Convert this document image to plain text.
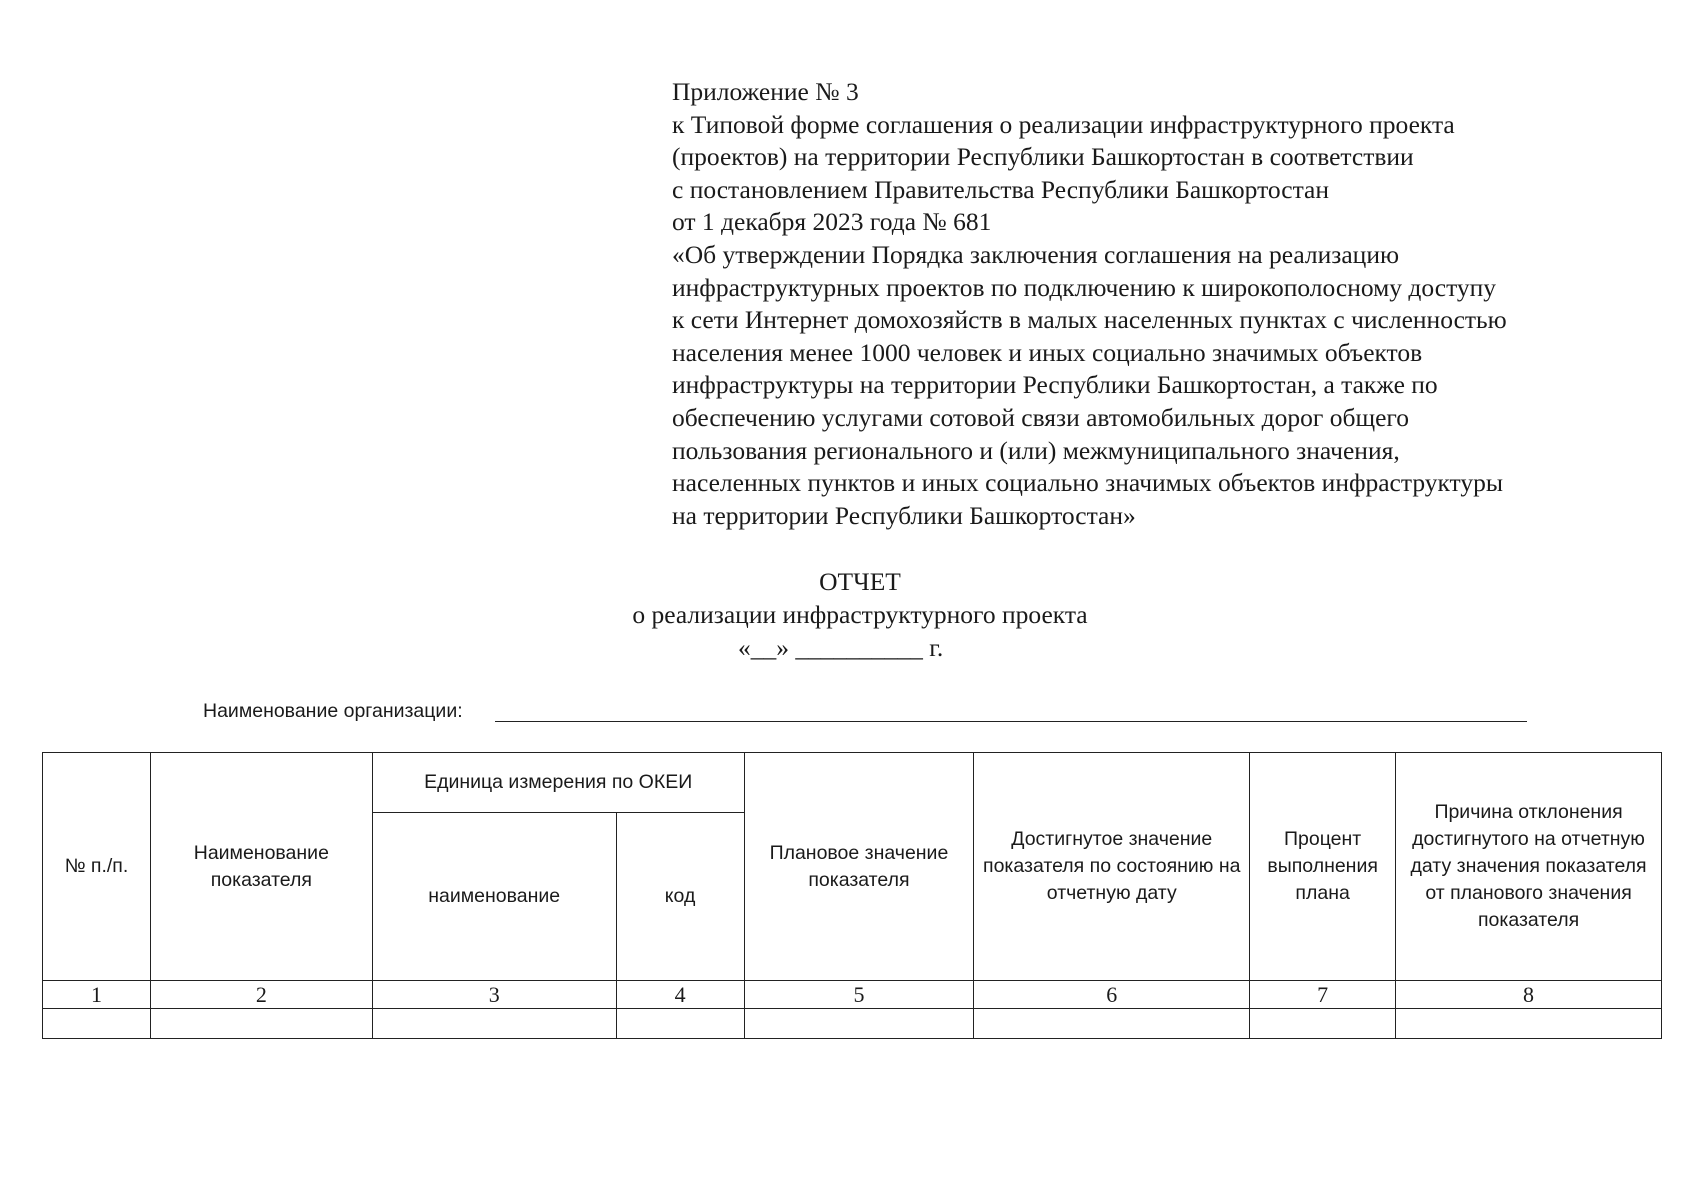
Приложение № 3
к Типовой форме соглашения о реализации инфраструктурного проекта
(проектов) на территории Республики Башкортостан в соответствии
с постановлением Правительства Республики Башкортостан
от 1 декабря 2023 года № 681
«Об утверждении Порядка заключения соглашения на реализацию
инфраструктурных проектов по подключению к широкополосному доступу
к сети Интернет домохозяйств в малых населенных пунктах с численностью
населения менее 1000 человек и иных социально значимых объектов
инфраструктуры на территории Республики Башкортостан, а также по
обеспечению услугами сотовой связи автомобильных дорог общего
пользования регионального и (или) межмуниципального значения,
населенных пунктов и иных социально значимых объектов инфраструктуры
на территории Республики Башкортостан»
ОТЧЕТ
о реализации инфраструктурного проекта
«__» __________ г.
Наименование организации:
№ п./п.	Наименование показателя	Единица измерения по ОКЕИ		Плановое значение показателя	Достигнутое значение показателя по состоянию на отчетную дату	Процент выполнения плана	Причина отклонения достигнутого на отчетную дату значения показателя от планового значения показателя
		наименование	код				
1	2	3	4	5	6	7	8
